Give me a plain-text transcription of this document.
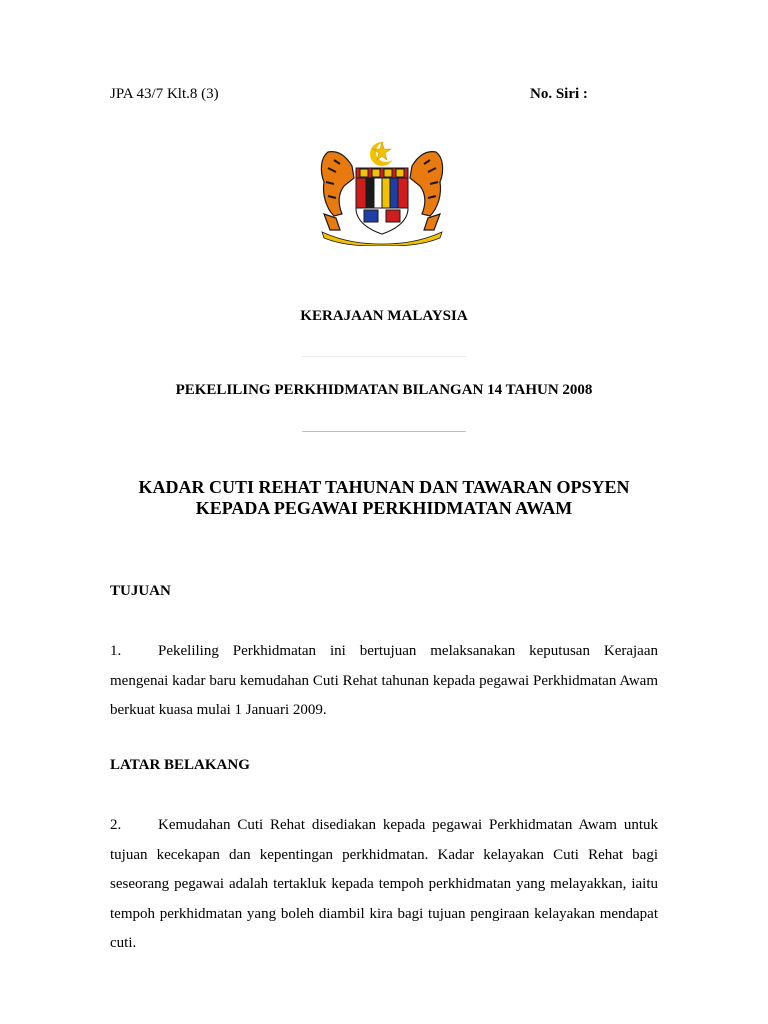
JPA 43/7 Klt.8 (3)	No. Siri :
KERAJAAN MALAYSIA
PEKELILING PERKHIDMATAN BILANGAN 14 TAHUN 2008
KADAR CUTI REHAT TAHUNAN DAN TAWARAN OPSYEN
KEPADA PEGAWAI PERKHIDMATAN AWAM
TUJUAN

1. Pekeliling Perkhidmatan ini bertujuan melaksanakan keputusan Kerajaan mengenai kadar baru kemudahan Cuti Rehat tahunan kepada pegawai Perkhidmatan Awam berkuat kuasa mulai 1 Januari 2009.

LATAR BELAKANG

2. Kemudahan Cuti Rehat disediakan kepada pegawai Perkhidmatan Awam untuk tujuan kecekapan dan kepentingan perkhidmatan. Kadar kelayakan Cuti Rehat bagi seseorang pegawai adalah tertakluk kepada tempoh perkhidmatan yang melayakkan, iaitu tempoh perkhidmatan yang boleh diambil kira bagi tujuan pengiraan kelayakan mendapat cuti.
